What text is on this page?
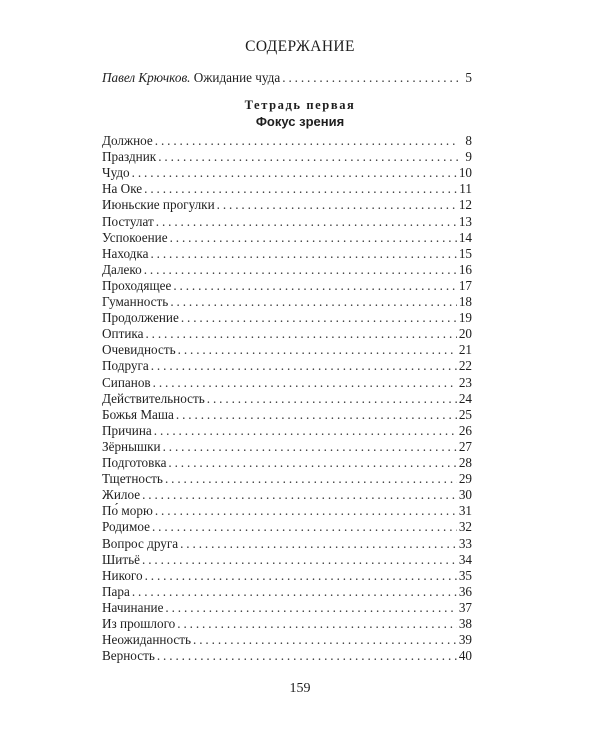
СОДЕРЖАНИЕ
Павел Крючков.
Ожидание чуда . . .	5
Тетрадь первая
Фокус зрения
Должное . . .	8
Праздник . . .	9
Чудо . . .	10
На Оке . . .	11
Июньские прогулки . . .	12
Постулат . . .	13
Успокоение . . .	14
Находка . . .	15
Далеко . . .	16
Проходящее . . .	17
Гуманность . . .	18
Продолжение . . .	19
Оптика . . .	20
Очевидность . . .	21
Подруга . . .	22
Сипанов . . .	23
Действительность . . .	24
Божья Маша . . .	25
Причина . . .	26
Зёрнышки . . .	27
Подготовка . . .	28
Тщетность . . .	29
Жилое . . .	30
По́ морю . . .	31
Родимое . . .	32
Вопрос друга . . .	33
Шитьё . . .	34
Никого . . .	35
Пара . . .	36
Начинание . . .	37
Из прошлого . . .	38
Неожиданность . . .	39
Верность . . .	40
159
